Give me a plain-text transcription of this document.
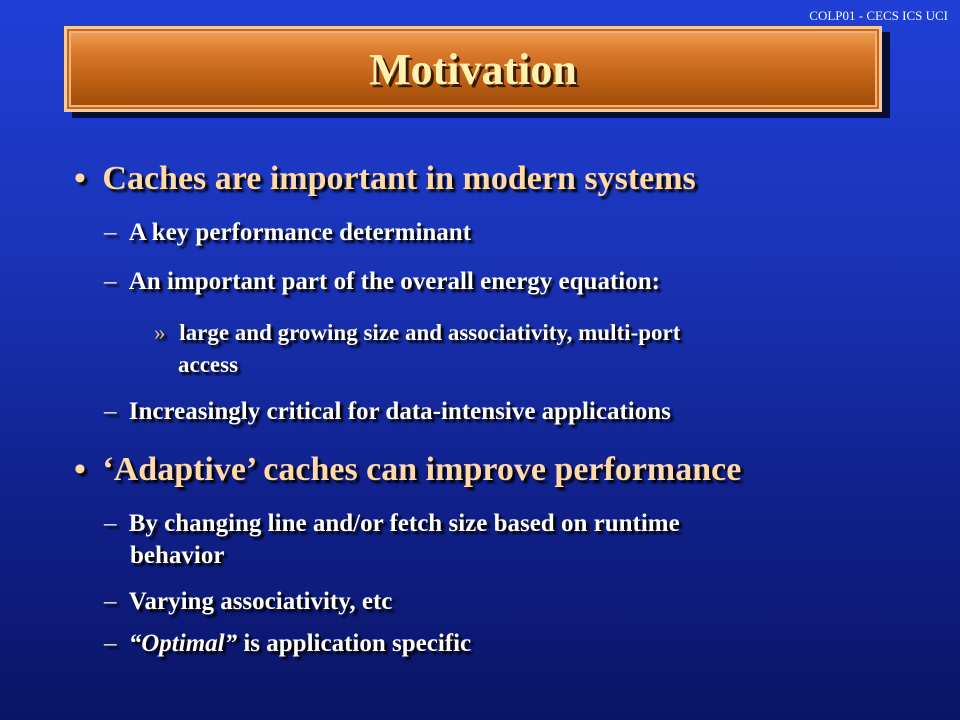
COLP01 - CECS ICS UCI
Motivation
• Caches are important in modern systems
– A key performance determinant
– An important part of the overall energy equation:
» large and growing size and associativity, multi-port
access
– Increasingly critical for data-intensive applications
• ‘Adaptive’ caches can improve performance
– By changing line and/or fetch size based on runtime
behavior
– Varying associativity, etc
– “Optimal” is application specific
